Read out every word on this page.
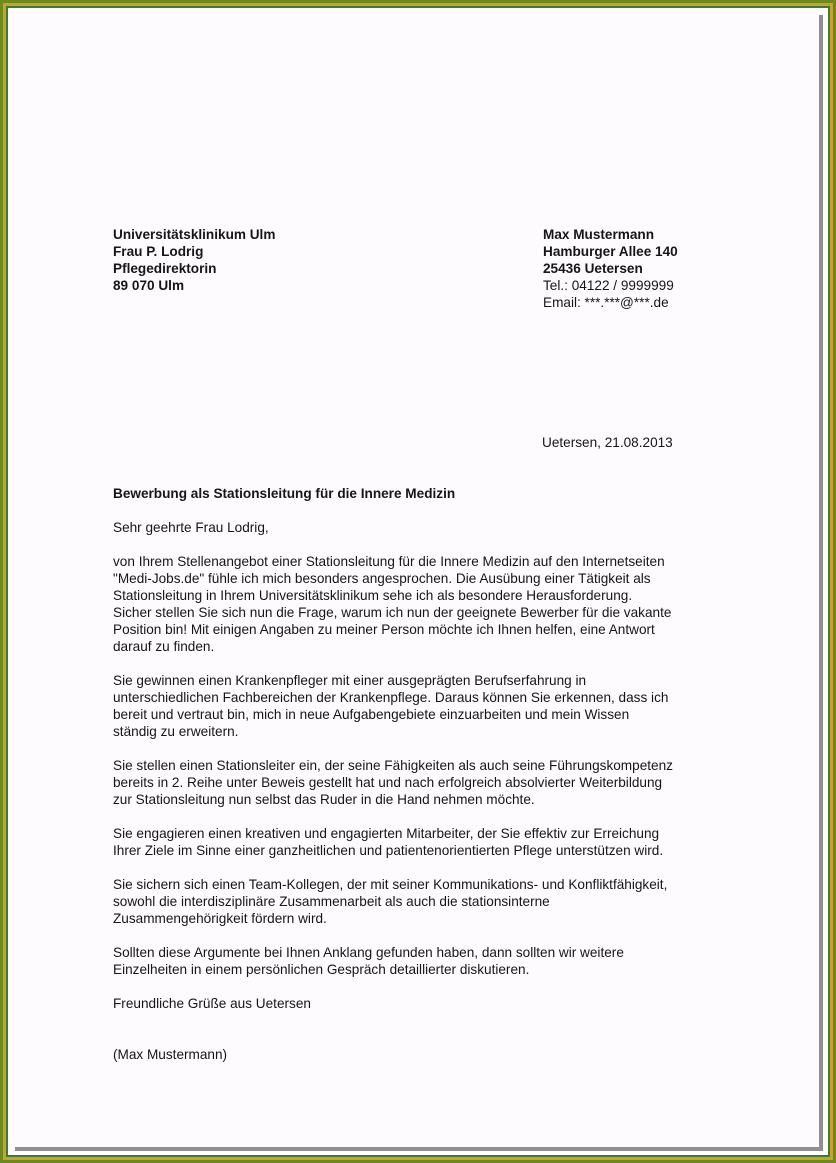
Universitätsklinikum Ulm
Frau P. Lodrig
Pflegedirektorin
89 070 Ulm
Max Mustermann
Hamburger Allee 140
25436 Uetersen
Tel.: 04122 / 9999999
Email: ***.***@***.de
Uetersen, 21.08.2013
Bewerbung als Stationsleitung für die Innere Medizin
Sehr geehrte Frau Lodrig,
von Ihrem Stellenangebot einer Stationsleitung für die Innere Medizin auf den Internetseiten
"Medi-Jobs.de" fühle ich mich besonders angesprochen. Die Ausübung einer Tätigkeit als
Stationsleitung in Ihrem Universitätsklinikum sehe ich als besondere Herausforderung.
Sicher stellen Sie sich nun die Frage, warum ich nun der geeignete Bewerber für die vakante
Position bin! Mit einigen Angaben zu meiner Person möchte ich Ihnen helfen, eine Antwort
darauf zu finden.
Sie gewinnen einen Krankenpfleger mit einer ausgeprägten Berufserfahrung in
unterschiedlichen Fachbereichen der Krankenpflege. Daraus können Sie erkennen, dass ich
bereit und vertraut bin, mich in neue Aufgabengebiete einzuarbeiten und mein Wissen
ständig zu erweitern.
Sie stellen einen Stationsleiter ein, der seine Fähigkeiten als auch seine Führungskompetenz
bereits in 2. Reihe unter Beweis gestellt hat und nach erfolgreich absolvierter Weiterbildung
zur Stationsleitung nun selbst das Ruder in die Hand nehmen möchte.
Sie engagieren einen kreativen und engagierten Mitarbeiter, der Sie effektiv zur Erreichung
Ihrer Ziele im Sinne einer ganzheitlichen und patientenorientierten Pflege unterstützen wird.
Sie sichern sich einen Team-Kollegen, der mit seiner Kommunikations- und Konfliktfähigkeit,
sowohl die interdisziplinäre Zusammenarbeit als auch die stationsinterne
Zusammengehörigkeit fördern wird.
Sollten diese Argumente bei Ihnen Anklang gefunden haben, dann sollten wir weitere
Einzelheiten in einem persönlichen Gespräch detaillierter diskutieren.
Freundliche Grüße aus Uetersen
(Max Mustermann)
